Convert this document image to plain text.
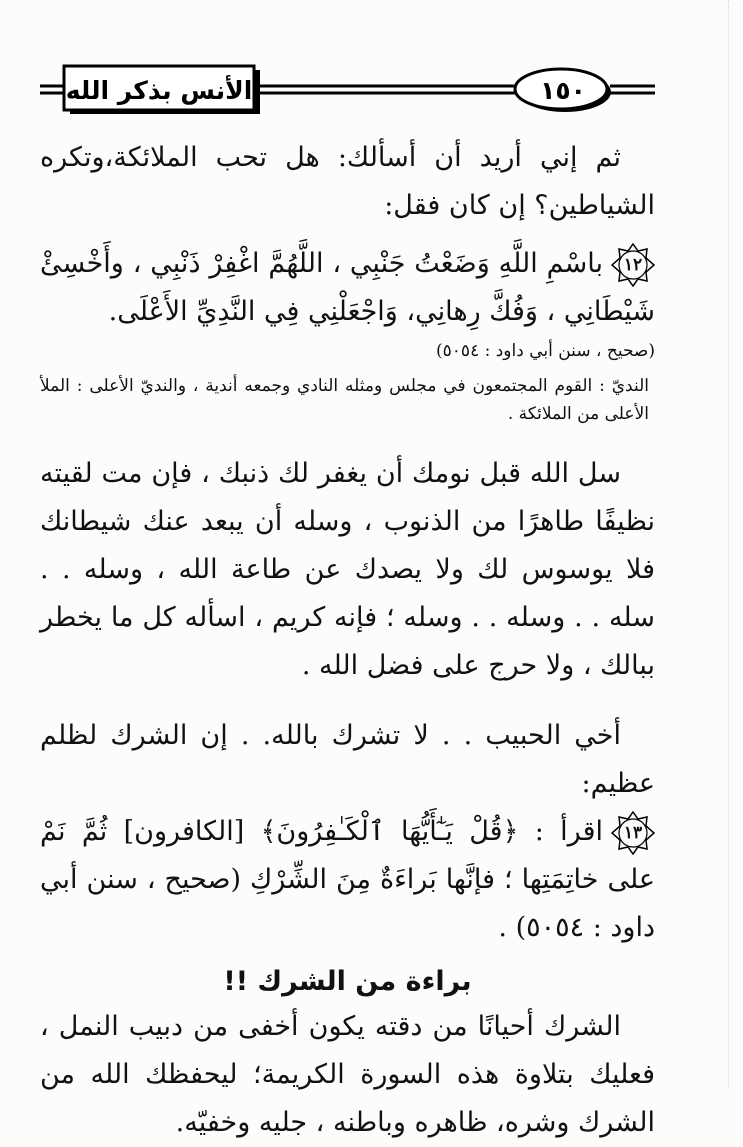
الأنس بذكر الله	١٥٠

ثم إني أريد أن أسألك: هل تحب الملائكة،وتكره الشياطين؟ إن كان فقل:

١٢
باسْمِ اللَّهِ وَضَعْتُ جَنْبِي ، اللَّهُمَّ اغْفِرْ ذَنْبِي ، وأَخْسِئْ شَيْطَانِي ، وَفُكَّ رِهانِي، وَاجْعَلْنِي فِي النَّدِيِّ الأَعْلَى.

(صحيح ، سنن أبي داود : ٥٠٥٤)

النديّ : القوم المجتمعون في مجلس ومثله النادي وجمعه أندية ، والنديّ الأعلى : الملأ الأعلى من الملائكة .

سل الله قبل نومك أن يغفر لك ذنبك ، فإن مت لقيته نظيفًا طاهرًا من الذنوب ، وسله أن يبعد عنك شيطانك فلا يوسوس لك ولا يصدك عن طاعة الله ، وسله . . سله . . وسله . . وسله ؛ فإنه كريم ، اسأله كل ما يخطر ببالك ، ولا حرج على فضل الله .

أخي الحبيب . . لا تشرك بالله. . إن الشرك لظلم عظيم:

١٣
اقرأ : ﴿قُلْ يَـٰٓأَيُّهَا ٱلْكَـٰفِرُونَ﴾ [الكافرون] ثُمَّ نَمْ على خاتِمَتِها ؛ فإنَّها بَراءَةٌ مِنَ الشِّرْكِ (صحيح ، سنن أبي داود : ٥٠٥٤) .

براءة من الشرك !!

الشرك أحيانًا من دقته يكون أخفى من دبيب النمل ، فعليك بتلاوة هذه السورة الكريمة؛ ليحفظك الله من الشرك وشره، ظاهره وباطنه ، جليه وخفيّه.
